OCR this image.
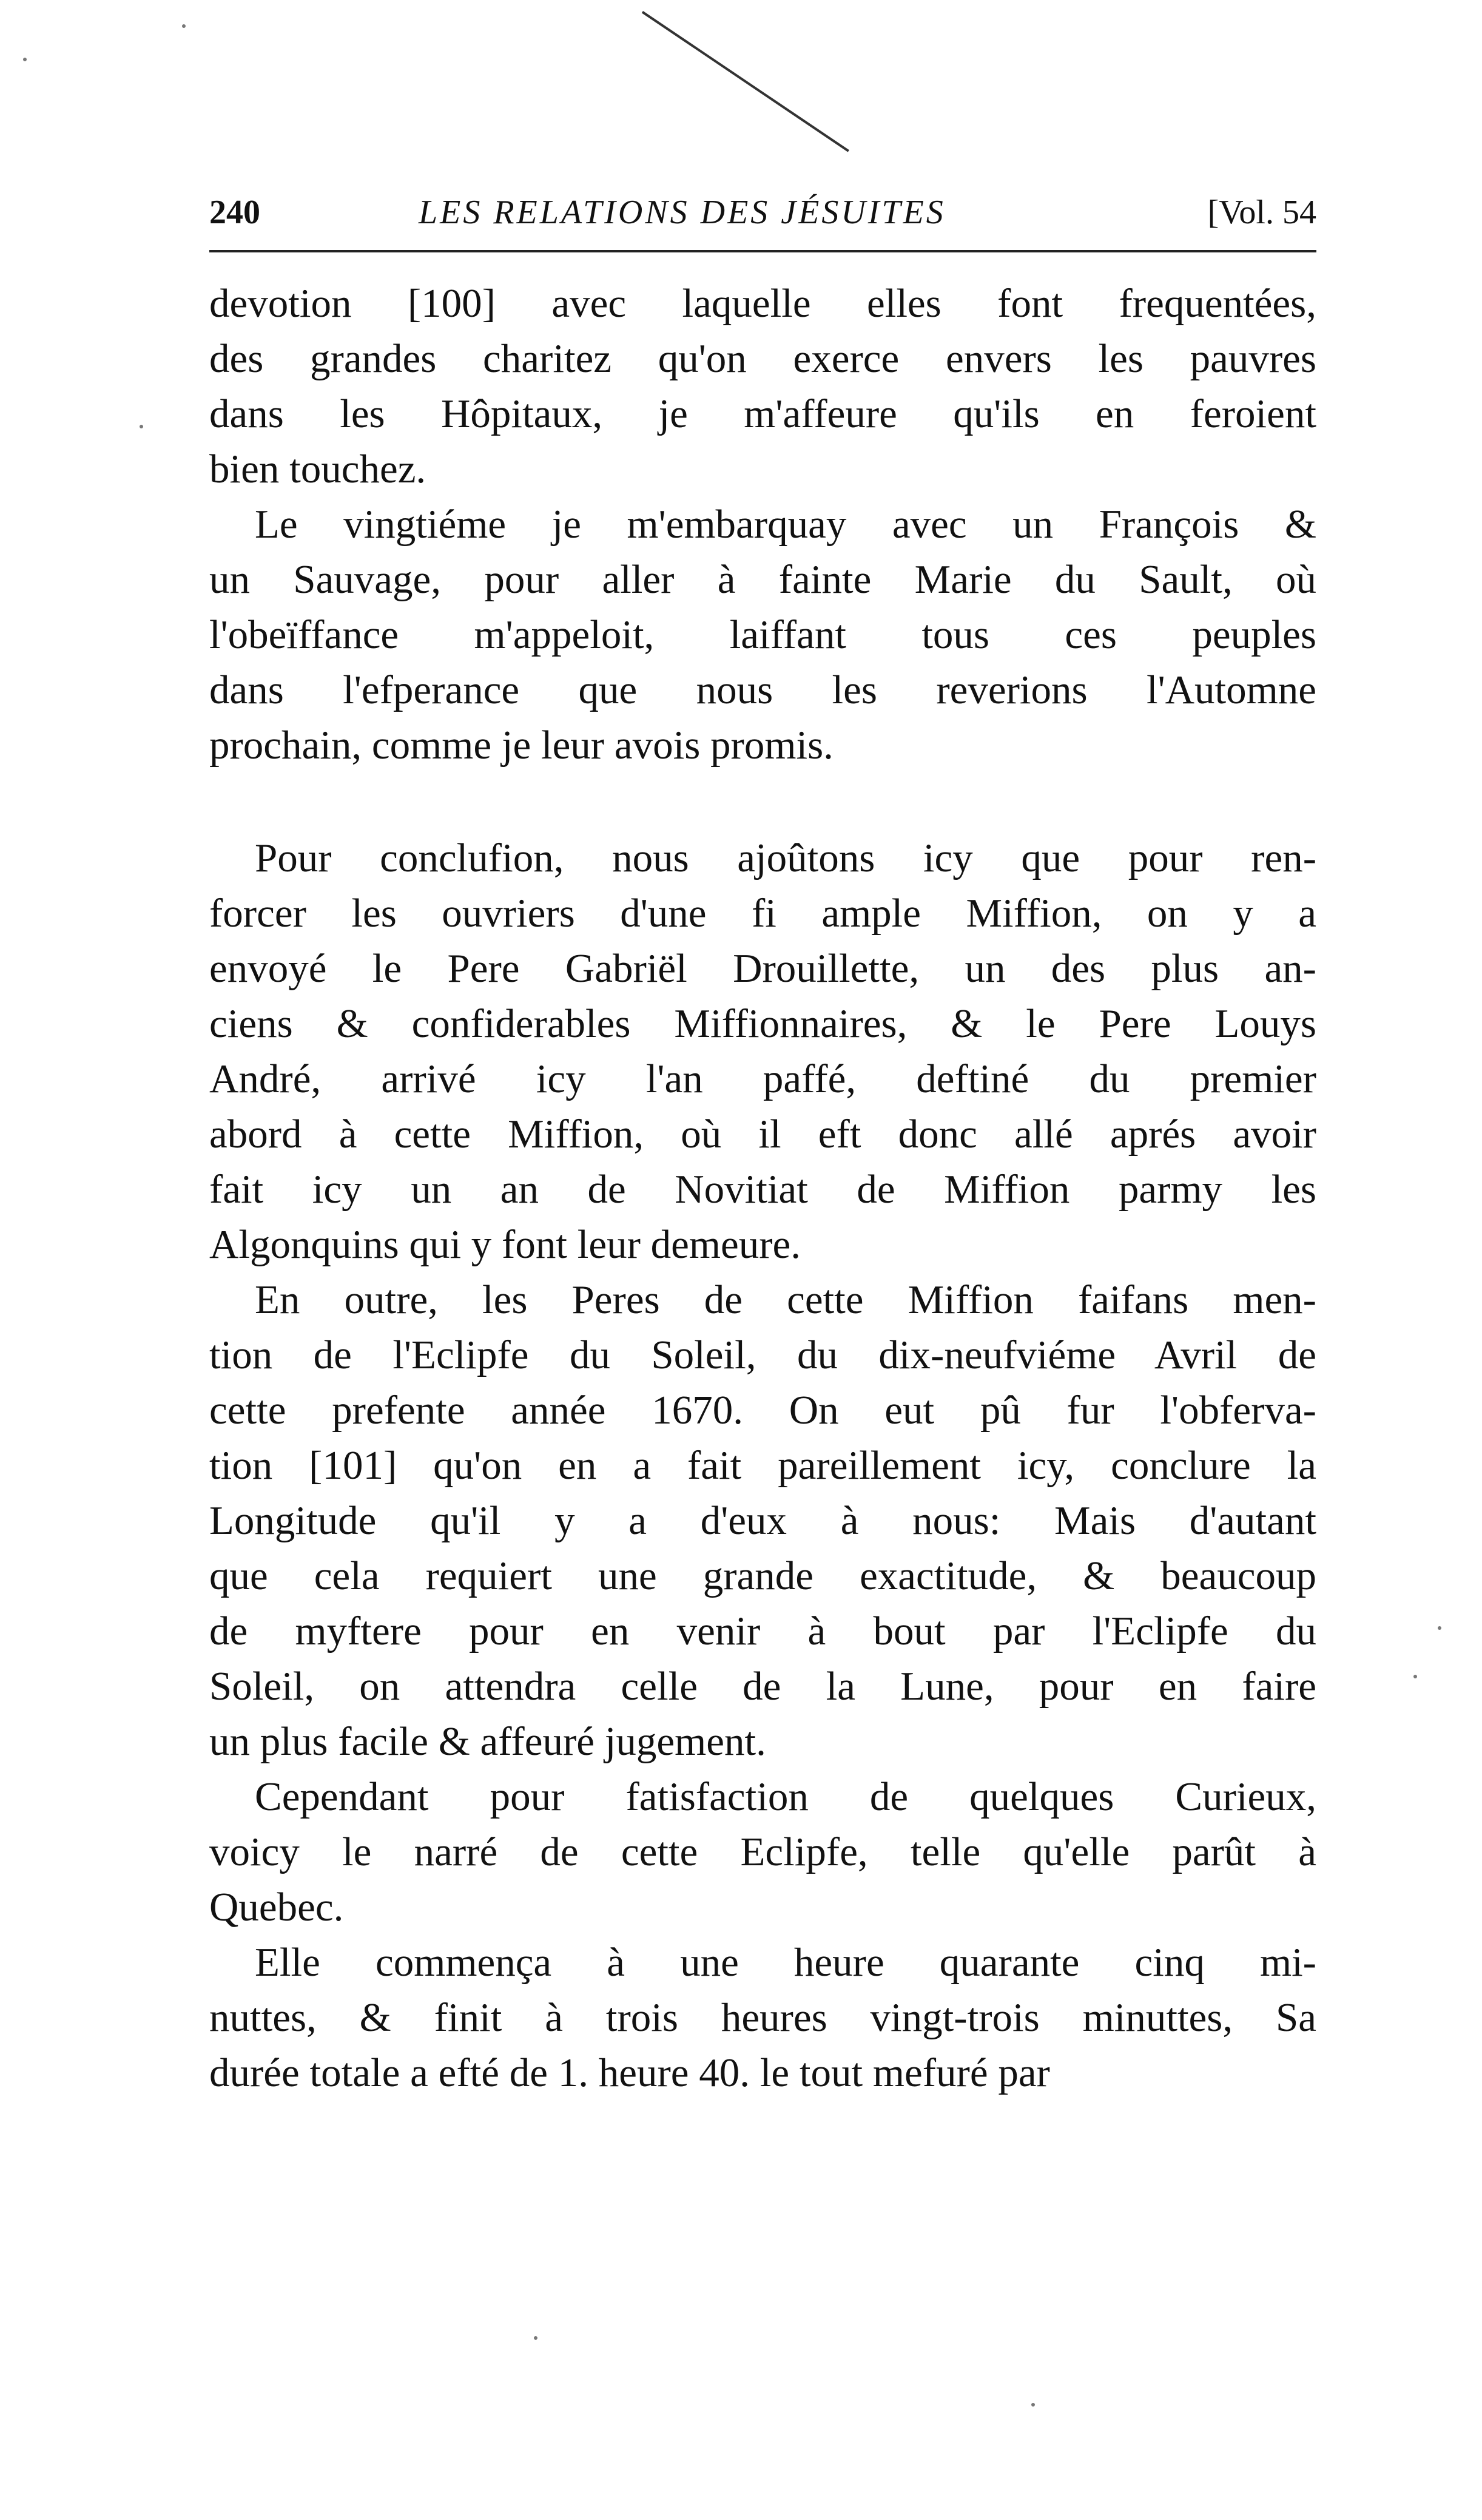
240	LES RELATIONS DES JÉSUITES	[Vol. 54
devotion [100] avec laquelle elles font frequentées,
des grandes charitez qu'on exerce envers les pauvres
dans les Hôpitaux, je m'affeure qu'ils en feroient
bien touchez.
Le vingtiéme je m'embarquay avec un François &
un Sauvage, pour aller à fainte Marie du Sault, où
l'obeïffance m'appeloit, laiffant tous ces peuples
dans l'efperance que nous les reverions l'Automne
prochain, comme je leur avois promis.
Pour conclufion, nous ajoûtons icy que pour ren-
forcer les ouvriers d'une fi ample Miffion, on y a
envoyé le Pere Gabriël Drouillette, un des plus an-
ciens & confiderables Miffionnaires, & le Pere Louys
André, arrivé icy l'an paffé, deftiné du premier
abord à cette Miffion, où il eft donc allé aprés avoir
fait icy un an de Novitiat de Miffion parmy les
Algonquins qui y font leur demeure.
En outre, les Peres de cette Miffion faifans men-
tion de l'Eclipfe du Soleil, du dix-neufviéme Avril de
cette prefente année 1670. On eut pû fur l'obferva-
tion [101] qu'on en a fait pareillement icy, conclure la
Longitude qu'il y a d'eux à nous: Mais d'autant
que cela requiert une grande exactitude, & beaucoup
de myftere pour en venir à bout par l'Eclipfe du
Soleil, on attendra celle de la Lune, pour en faire
un plus facile & affeuré jugement.
Cependant pour fatisfaction de quelques Curieux,
voicy le narré de cette Eclipfe, telle qu'elle parût à
Quebec.
Elle commença à une heure quarante cinq mi-
nuttes, & finit à trois heures vingt-trois minuttes, Sa
durée totale a efté de 1. heure 40. le tout mefuré par
